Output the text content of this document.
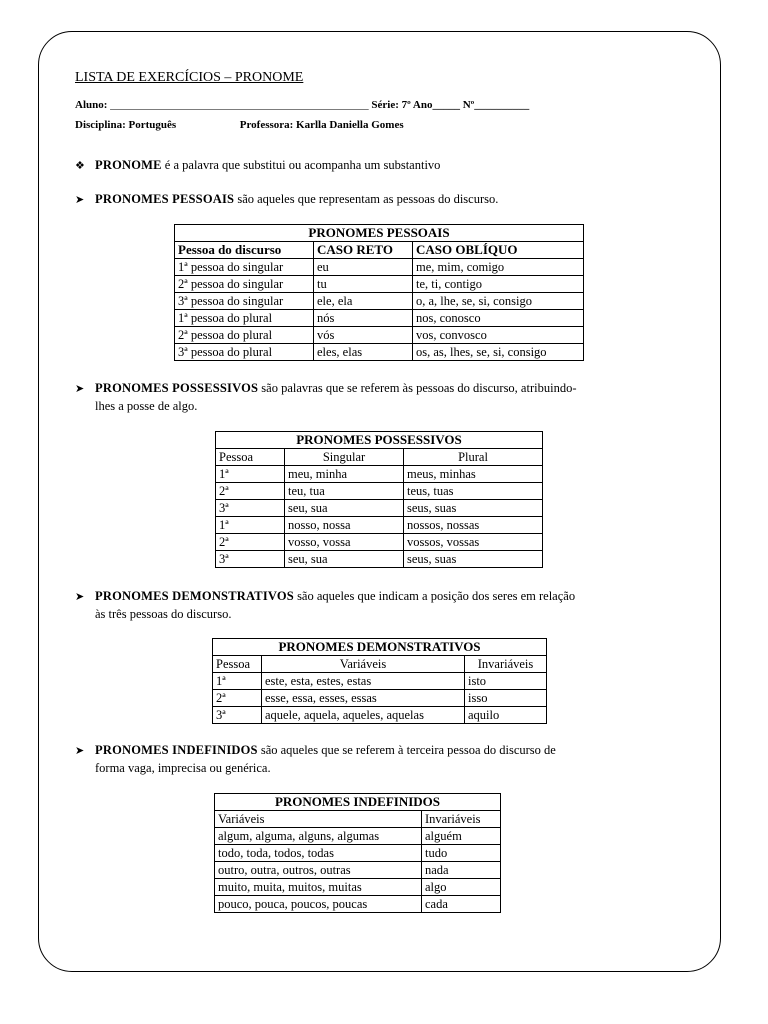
LISTA DE EXERCÍCIOS – PRONOME
Aluno: _______________________________________________ Série: 7º Ano_____ Nº__________
Disciplina: Português	Professora: Karlla Daniella Gomes
❖ PRONOME é a palavra que substitui ou acompanha um substantivo
➤ PRONOMES PESSOAIS são aqueles que representam as pessoas do discurso.
PRONOMES PESSOAIS		
Pessoa do discurso	CASO RETO	CASO OBLÍQUO
1ª pessoa do singular	eu	me, mim, comigo
2ª pessoa do singular	tu	te, ti, contigo
3ª pessoa do singular	ele, ela	o, a, lhe, se, si, consigo
1ª pessoa do plural	nós	nos, conosco
2ª pessoa do plural	vós	vos, convosco
3ª pessoa do plural	eles, elas	os, as, lhes, se, si, consigo
➤ PRONOMES POSSESSIVOS são palavras que se referem às pessoas do discurso, atribuindo-
lhes a posse de algo.
PRONOMES POSSESSIVOS		
Pessoa	Singular	Plural
1ª	meu, minha	meus, minhas
2ª	teu, tua	teus, tuas
3ª	seu, sua	seus, suas
1ª	nosso, nossa	nossos, nossas
2ª	vosso, vossa	vossos, vossas
3ª	seu, sua	seus, suas
➤ PRONOMES DEMONSTRATIVOS são aqueles que indicam a posição dos seres em relação
às três pessoas do discurso.
PRONOMES DEMONSTRATIVOS		
Pessoa	Variáveis	Invariáveis
1ª	este, esta, estes, estas	isto
2ª	esse, essa, esses, essas	isso
3ª	aquele, aquela, aqueles, aquelas	aquilo
➤ PRONOMES INDEFINIDOS são aqueles que se referem à terceira pessoa do discurso de
forma vaga, imprecisa ou genérica.
PRONOMES INDEFINIDOS	
Variáveis	Invariáveis
algum, alguma, alguns, algumas	alguém
todo, toda, todos, todas	tudo
outro, outra, outros, outras	nada
muito, muita, muitos, muitas	algo
pouco, pouca, poucos, poucas	cada
